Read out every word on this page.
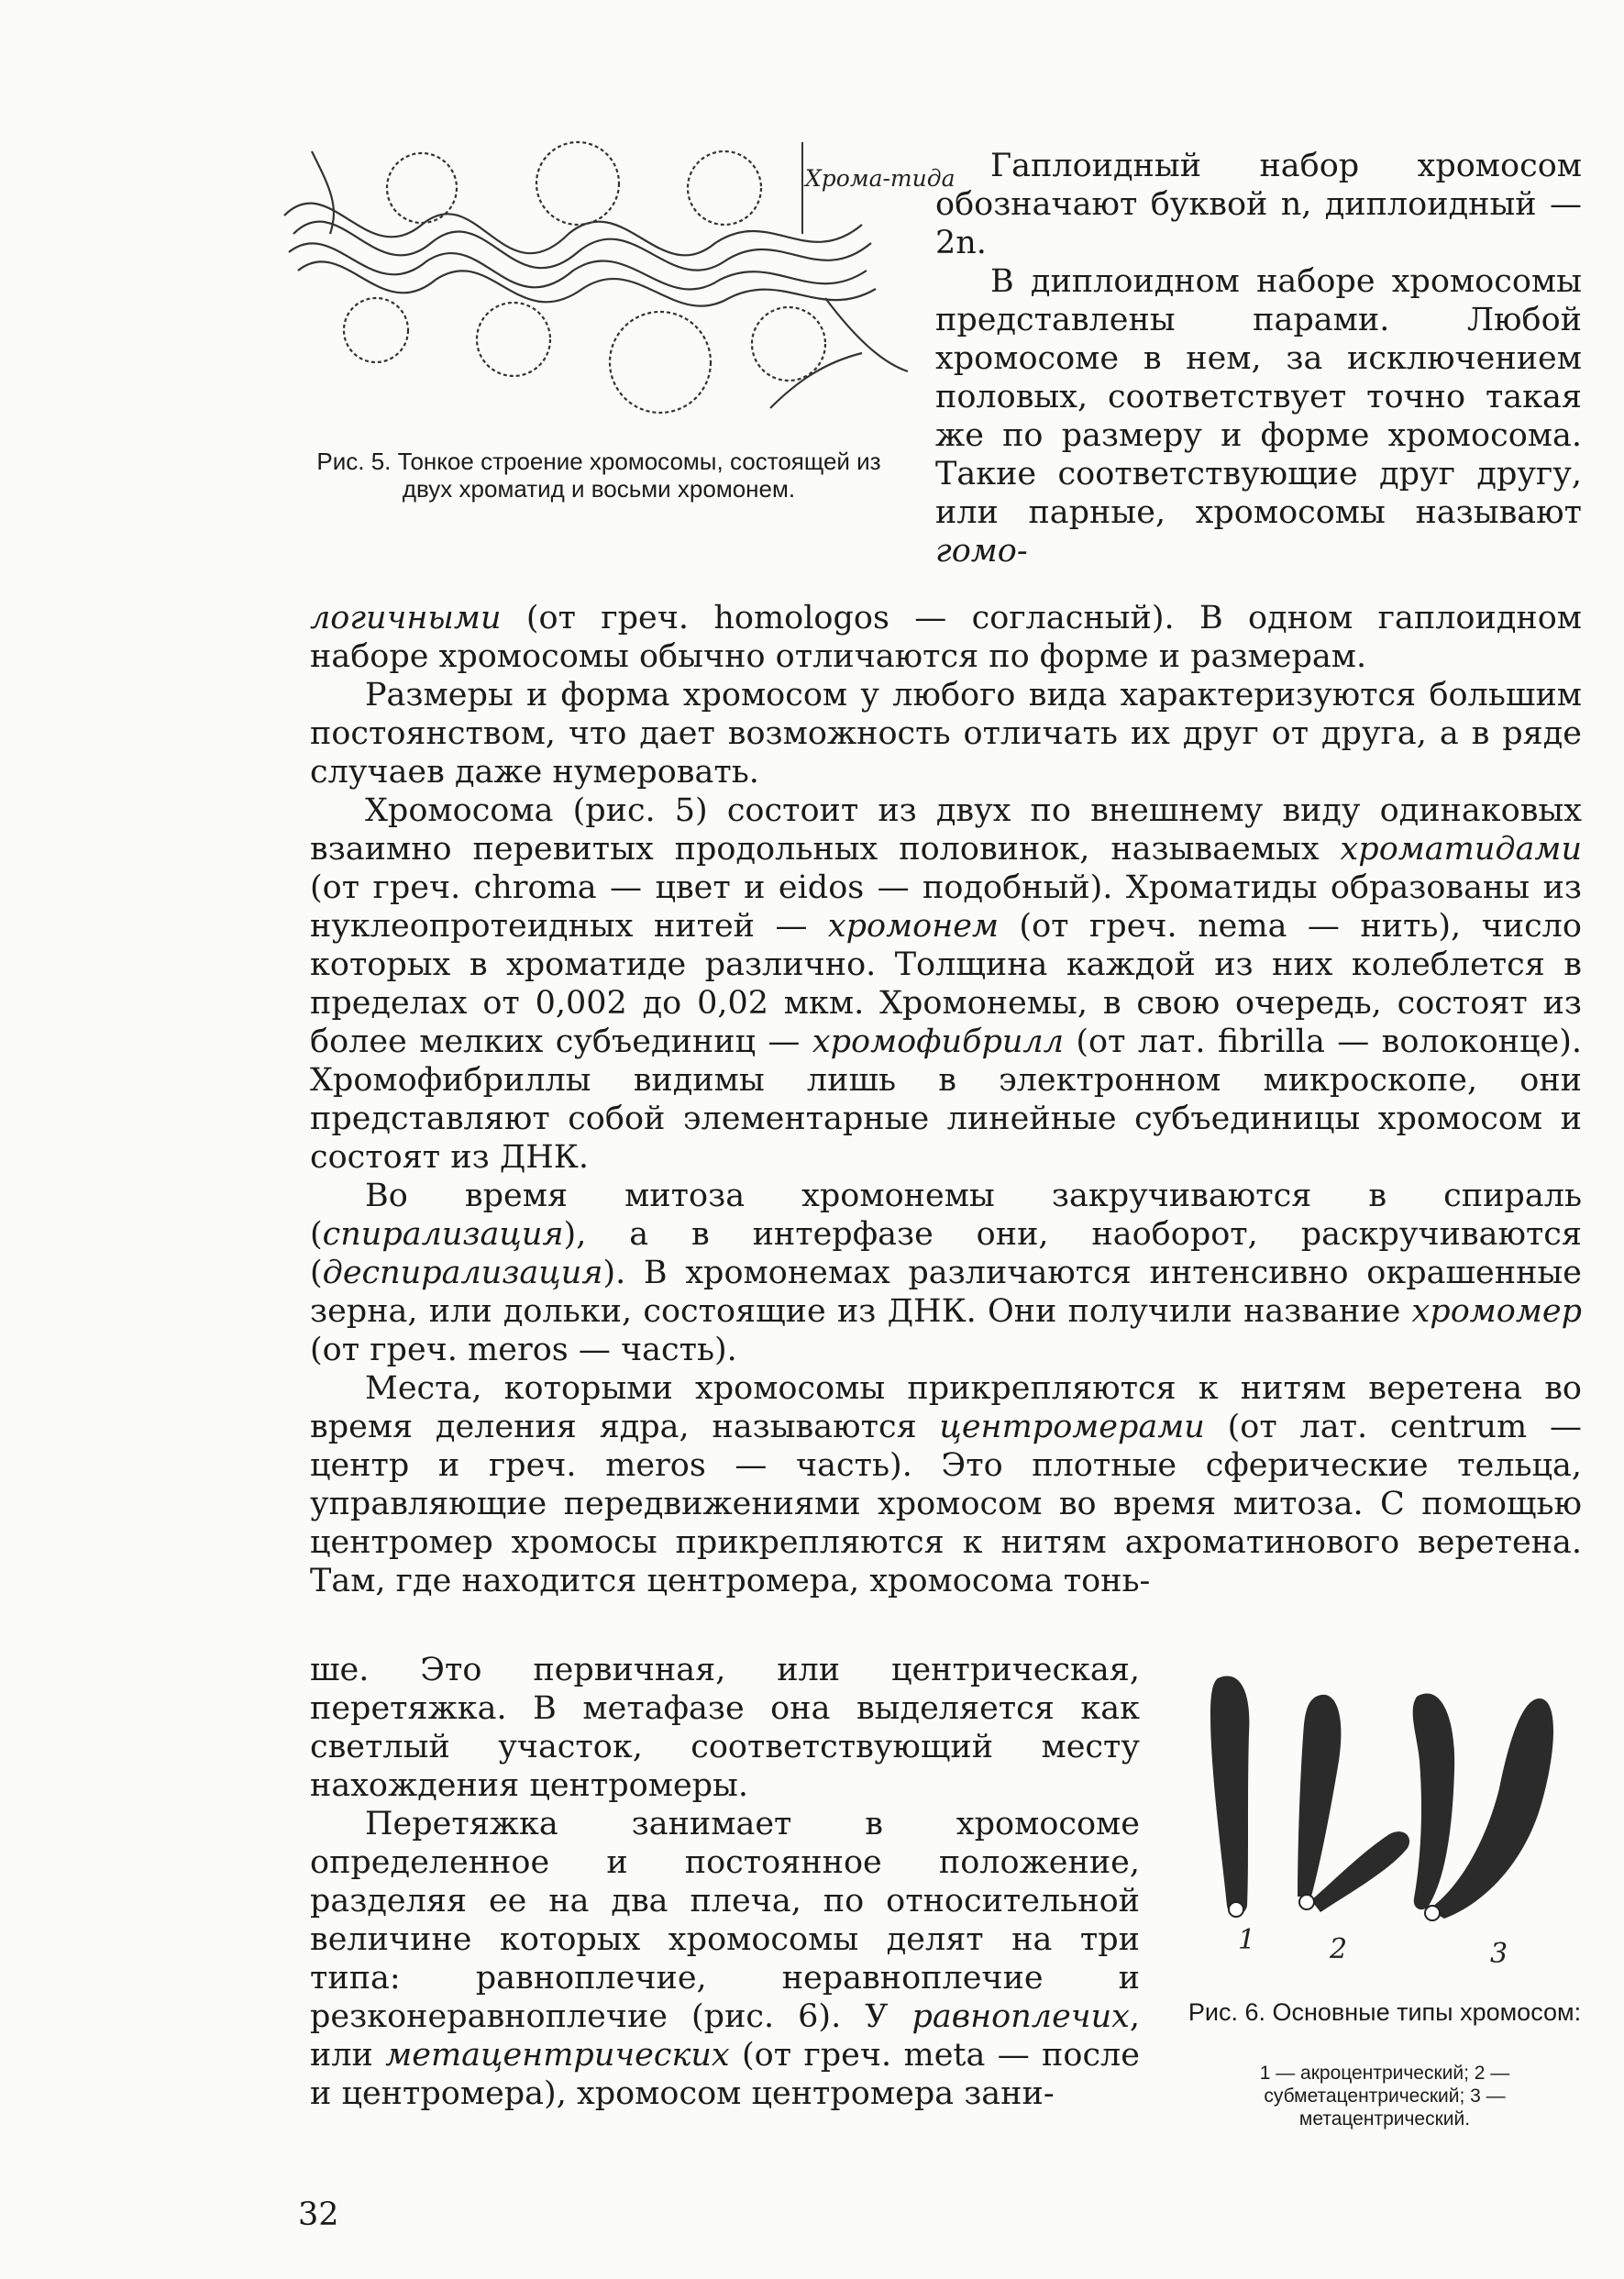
Хромa-тида
Рис. 5. Тонкое строение хромосомы, состоящей из двух хроматид и восьми хромонем.

Гаплоидный набор хромосом обозначают буквой n, диплоидный — 2n.

В диплоидном наборе хромосомы представлены парами. Любой хромосоме в нем, за исключением половых, соответствует точно такая же по размеру и форме хромосома. Такие соответствующие друг другу, или парные, хромосомы называют гомо-

логичными (от греч. homologos — согласный). В одном гаплоидном наборе хромосомы обычно отличаются по форме и размерам.

Размеры и форма хромосом у любого вида характеризуются большим постоянством, что дает возможность отличать их друг от друга, а в ряде случаев даже нумеровать.

Хромосома (рис. 5) состоит из двух по внешнему виду одинаковых взаимно перевитых продольных половинок, называемых хроматидами (от греч. chroma — цвет и eidos — подобный). Хроматиды образованы из нуклеопротеидных нитей — хромонем (от греч. nema — нить), число которых в хроматиде различно. Толщина каждой из них колеблется в пределах от 0,002 до 0,02 мкм. Хромонемы, в свою очередь, состоят из более мелких субъединиц — хромофибрилл (от лат. fibrilla — волоконце). Хромофибриллы видимы лишь в электронном микроскопе, они представляют собой элементарные линейные субъединицы хромосом и состоят из ДНК.

Во время митоза хромонемы закручиваются в спираль (спирализация), а в интерфазе они, наоборот, раскручиваются (деспирализация). В хромонемах различаются интенсивно окрашенные зерна, или дольки, состоящие из ДНК. Они получили название хромомер (от греч. meros — часть).

Места, которыми хромосомы прикрепляются к нитям веретена во время деления ядра, называются центромерами (от лат. centrum — центр и греч. meros — часть). Это плотные сферические тельца, управляющие передвижениями хромосом во время митоза. С помощью центромер хромосы прикрепляются к нитям ахроматинового веретена. Там, где находится центромера, хромосома тонь-

ше. Это первичная, или центрическая, перетяжка. В метафазе она выделяется как светлый участок, соответствующий месту нахождения центромеры.

Перетяжка занимает в хромосоме определенное и постоянное положение, разделяя ее на два плеча, по относительной величине которых хромосомы делят на три типа: равноплечие, неравноплечие и резконеравноплечие (рис. 6). У равноплечих, или метацентрических (от греч. meta — после и центромера), хромосом центромера зани-

1	2	3
Рис. 6. Основные типы хромосом:
1 — акроцентрический; 2 — субметацентрический; 3 — метацентрический.
32
